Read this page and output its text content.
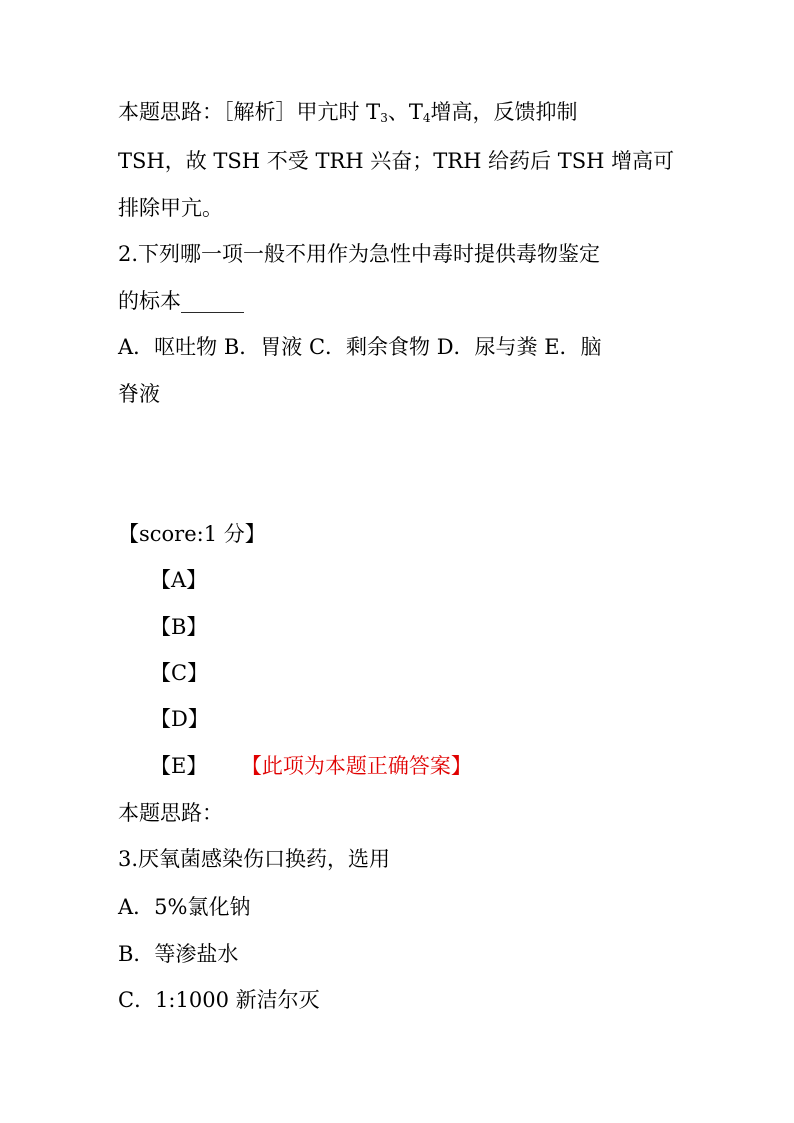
本题思路：［解析］甲亢时 $T_3$、$T_4$增高，反馈抑制
TSH，故 TSH 不受 TRH 兴奋；TRH 给药后 TSH 增高可
排除甲亢。
2.下列哪一项一般不用作为急性中毒时提供毒物鉴定
的标本______
A．呕吐物 B．胃液 C．剩余食物 D．尿与粪 E．脑
脊液
【score:1 分】
【A】
【B】
【C】
【D】
【E】 【此项为本题正确答案】
本题思路：
3.厌氧菌感染伤口换药，选用
A．5%氯化钠
B．等渗盐水
C．1:1000 新洁尔灭
